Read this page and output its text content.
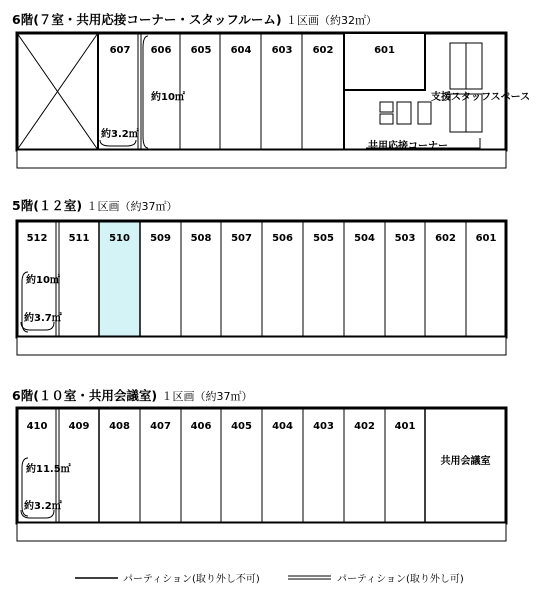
6階(７室・共用応接コーナー・スタッフルーム) １区画（約32㎡）
5階(１２室) １区画（約37㎡）
6階(１０室・共用会議室) １区画（約37㎡）
607	606	605	604	603	602	601
約10㎡
約3.2㎡
支援スタッフスペース
共用応接コーナー
512	511	510	509	508	507	506	505	504	503	602	601
約10㎡
約3.7㎡
410	409	408	407	406	405	404	403	402	401
共用会議室
約11.5㎡
約3.2㎡
パーティション(取り外し不可)	パーティション(取り外し可)
